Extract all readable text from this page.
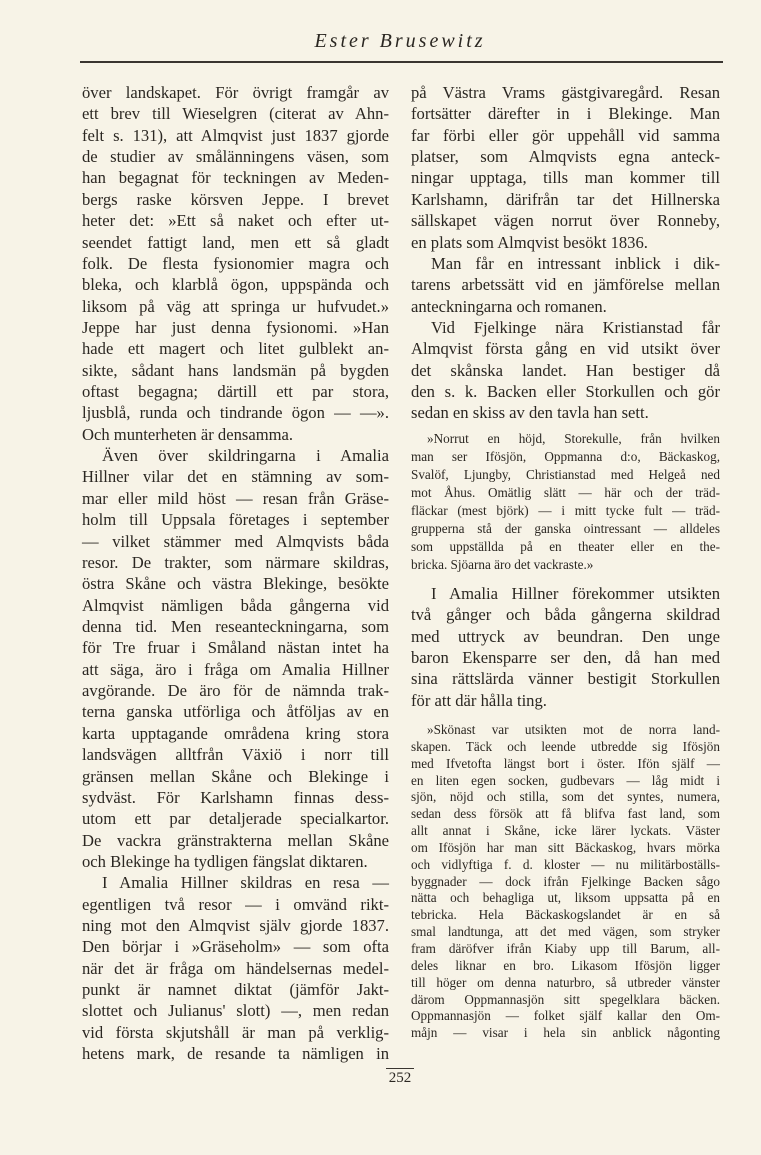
Ester Brusewitz
över landskapet. För övrigt framgår av
ett brev till Wieselgren (citerat av Ahn-
felt s. 131), att Almqvist just 1837 gjorde
de studier av smålänningens väsen, som
han begagnat för teckningen av Meden-
bergs raske körsven Jeppe. I brevet
heter det: »Ett så naket och efter ut-
seendet fattigt land, men ett så gladt
folk. De flesta fysionomier magra och
bleka, och klarblå ögon, uppspända och
liksom på väg att springa ur hufvudet.»
Jeppe har just denna fysionomi. »Han
hade ett magert och litet gulblekt an-
sikte, sådant hans landsmän på bygden
oftast begagna; därtill ett par stora,
ljusblå, runda och tindrande ögon — —».
Och munterheten är densamma.
Även över skildringarna i Amalia
Hillner vilar det en stämning av som-
mar eller mild höst — resan från Gräse-
holm till Uppsala företages i september
— vilket stämmer med Almqvists båda
resor. De trakter, som närmare skildras,
östra Skåne och västra Blekinge, besökte
Almqvist nämligen båda gångerna vid
denna tid. Men reseanteckningarna, som
för Tre fruar i Småland nästan intet ha
att säga, äro i fråga om Amalia Hillner
avgörande. De äro för de nämnda trak-
terna ganska utförliga och åtföljas av en
karta upptagande områdena kring stora
landsvägen alltfrån Växiö i norr till
gränsen mellan Skåne och Blekinge i
sydväst. För Karlshamn finnas dess-
utom ett par detaljerade specialkartor.
De vackra gränstrakterna mellan Skåne
och Blekinge ha tydligen fängslat diktaren.
I Amalia Hillner skildras en resa —
egentligen två resor — i omvänd rikt-
ning mot den Almqvist själv gjorde 1837.
Den börjar i »Gräseholm» — som ofta
när det är fråga om händelsernas medel-
punkt är namnet diktat (jämför Jakt-
slottet och Julianus' slott) —, men redan
vid första skjutshåll är man på verklig-
hetens mark, de resande ta nämligen in
på Västra Vrams gästgivaregård. Resan
fortsätter därefter in i Blekinge. Man
far förbi eller gör uppehåll vid samma
platser, som Almqvists egna anteck-
ningar upptaga, tills man kommer till
Karlshamn, därifrån tar det Hillnerska
sällskapet vägen norrut över Ronneby,
en plats som Almqvist besökt 1836.
Man får en intressant inblick i dik-
tarens arbetssätt vid en jämförelse mellan
anteckningarna och romanen.
Vid Fjelkinge nära Kristianstad får
Almqvist första gång en vid utsikt över
det skånska landet. Han bestiger då
den s. k. Backen eller Storkullen och gör
sedan en skiss av den tavla han sett.
»Norrut en höjd, Storekulle, från hvilken
man ser Ifösjön, Oppmanna d:o, Bäckaskog,
Svalöf, Ljungby, Christianstad med Helgeå ned
mot Åhus. Omätlig slätt — här och der träd-
fläckar (mest björk) — i mitt tycke fult — träd-
grupperna stå der ganska ointressant — alldeles
som uppställda på en theater eller en the-
bricka. Sjöarna äro det vackraste.»
I Amalia Hillner förekommer utsikten
två gånger och båda gångerna skildrad
med uttryck av beundran. Den unge
baron Ekensparre ser den, då han med
sina rättslärda vänner bestigit Storkullen
för att där hålla ting.
»Skönast var utsikten mot de norra land-
skapen. Täck och leende utbredde sig Ifösjön
med Ifvetofta längst bort i öster. Ifön själf —
en liten egen socken, gudbevars — låg midt i
sjön, nöjd och stilla, som det syntes, numera,
sedan dess försök att få blifva fast land, som
allt annat i Skåne, icke lärer lyckats. Väster
om Ifösjön har man sitt Bäckaskog, hvars mörka
och vidlyftiga f. d. kloster — nu militärboställs-
byggnader — dock ifrån Fjelkinge Backen sågo
nätta och behagliga ut, liksom uppsatta på en
tebricka. Hela Bäckaskogslandet är en så
smal landtunga, att det med vägen, som stryker
fram däröfver ifrån Kiaby upp till Barum, all-
deles liknar en bro. Likasom Ifösjön ligger
till höger om denna naturbro, så utbreder vänster
därom Oppmannasjön sitt spegelklara bäcken.
Oppmannasjön — folket själf kallar den Om-
måjn — visar i hela sin anblick någonting
252
